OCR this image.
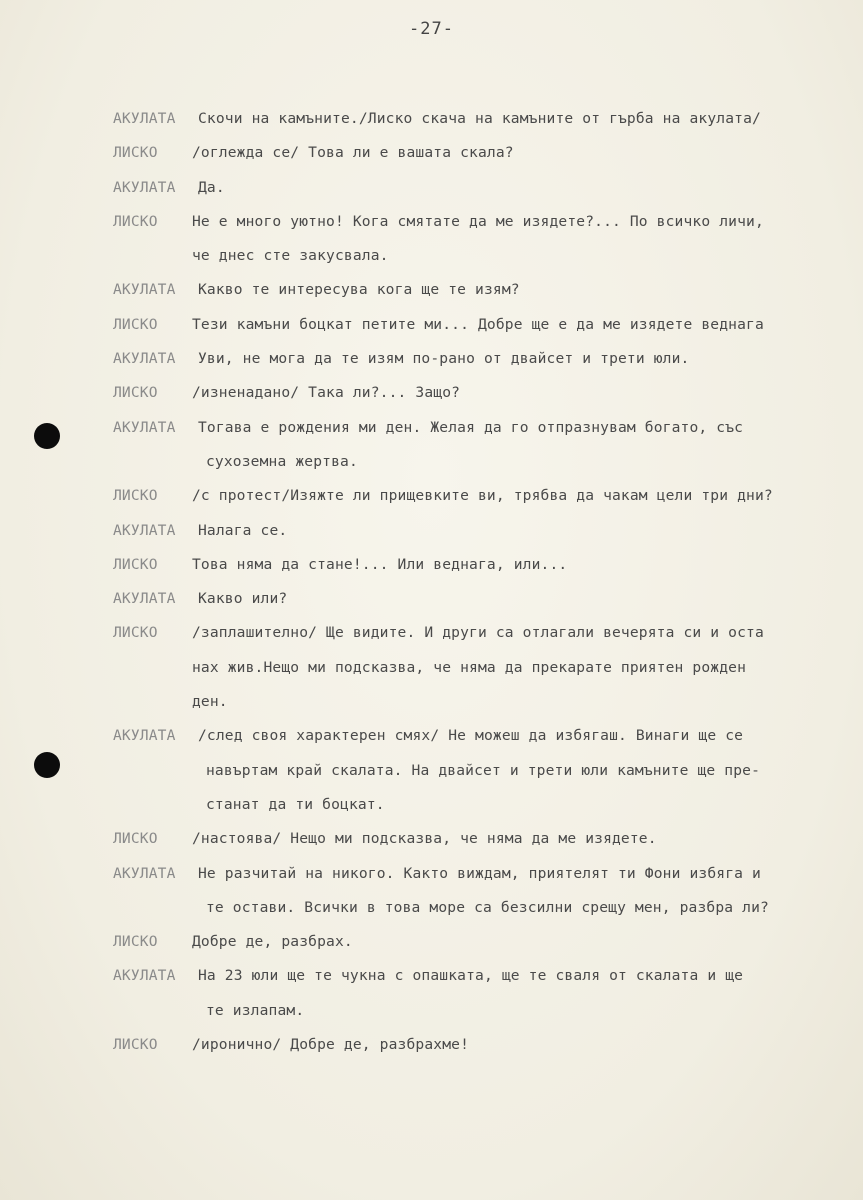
-27-
АКУЛАТА Скочи на камъните./Лиско скача на камъните от гърба на акулата/
ЛИСКО /оглежда се/ Това ли е вашата скала?
АКУЛАТА Да.
ЛИСКО Не е много уютно! Кога смятате да ме изядете?... По всичко личи,
че днес сте закусвала.
АКУЛАТА Какво те интересува кога ще те изям?
ЛИСКО Тези камъни боцкат петите ми... Добре ще е да ме изядете веднага
АКУЛАТА Уви, не мога да те изям по-рано от двайсет и трети юли.
ЛИСКО /изненадано/ Така ли?... Защо?
АКУЛАТА Тогава е рождения ми ден. Желая да го отпразнувам богато, със
сухоземна жертва.
ЛИСКО /с протест/Изяжте ли прищевките ви, трябва да чакам цели три дни?
АКУЛАТА Налага се.
ЛИСКО Това няма да стане!... Или веднага, или...
АКУЛАТА Какво или?
ЛИСКО /заплашително/ Ще видите. И други са отлагали вечерята си и оста
нах жив.Нещо ми подсказва, че няма да прекарате приятен рожден
ден.
АКУЛАТА /след своя характерен смях/ Не можеш да избягаш. Винаги ще се
навъртам край скалата. На двайсет и трети юли камъните ще пре-
станат да ти боцкат.
ЛИСКО /настоява/ Нещо ми подсказва, че няма да ме изядете.
АКУЛАТА Не разчитай на никого. Както виждам, приятелят ти Фони избяга и
те остави. Всички в това море са безсилни срещу мен, разбра ли?
ЛИСКО Добре де, разбрах.
АКУЛАТА На 23 юли ще те чукна с опашката, ще те сваля от скалата и ще
те излапам.
ЛИСКО /иронично/ Добре де, разбрахме!
